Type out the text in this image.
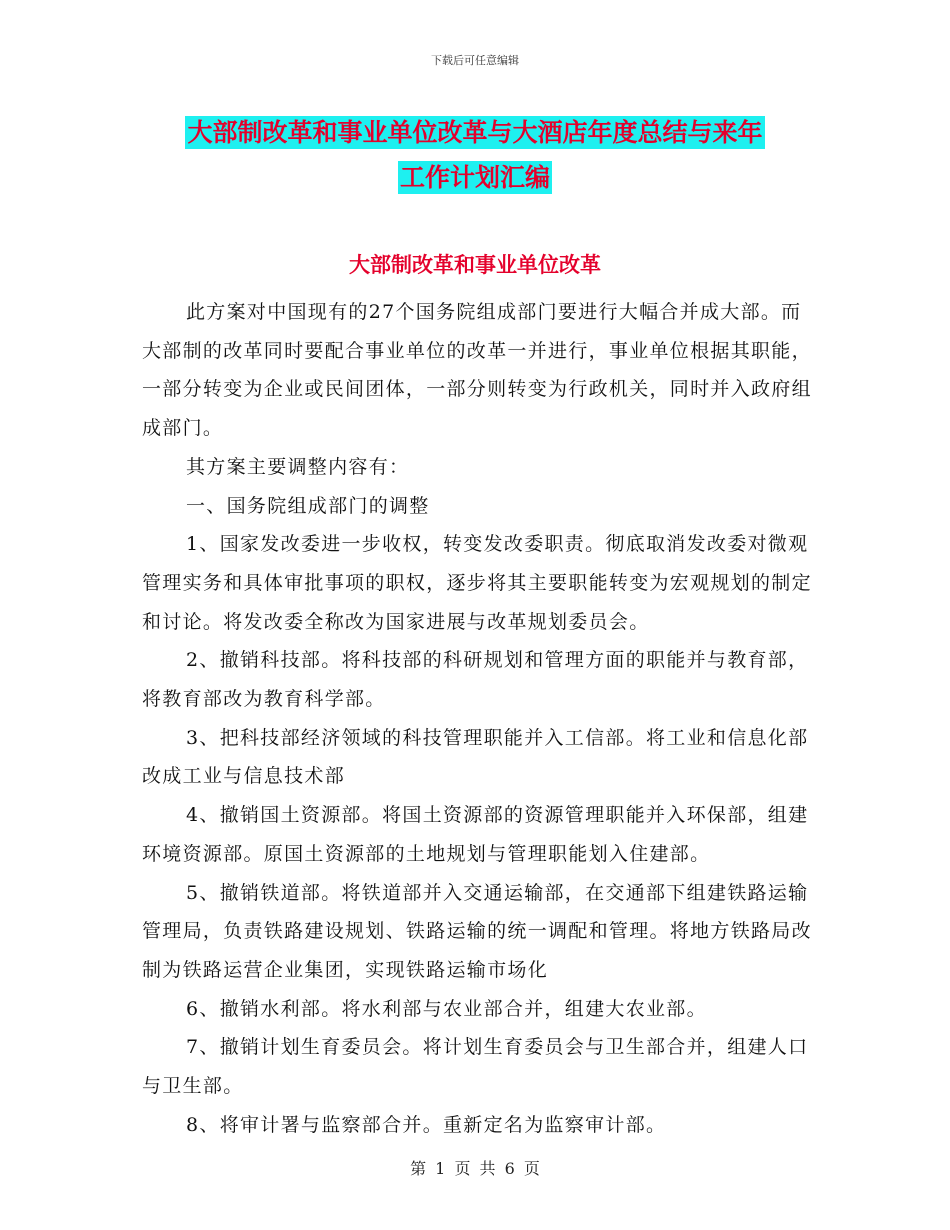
下载后可任意编辑
大部制改革和事业单位改革与大酒店年度总结与来年
工作计划汇编
大部制改革和事业单位改革

此方案对中国现有的27个国务院组成部门要进行大幅合并成大部。而大部制的改革同时要配合事业单位的改革一并进行，事业单位根据其职能，一部分转变为企业或民间团体，一部分则转变为行政机关，同时并入政府组成部门。

其方案主要调整内容有：

一、国务院组成部门的调整

1、国家发改委进一步收权，转变发改委职责。彻底取消发改委对微观管理实务和具体审批事项的职权，逐步将其主要职能转变为宏观规划的制定和讨论。将发改委全称改为国家进展与改革规划委员会。

2、撤销科技部。将科技部的科研规划和管理方面的职能并与教育部，将教育部改为教育科学部。

3、把科技部经济领域的科技管理职能并入工信部。将工业和信息化部改成工业与信息技术部

4、撤销国土资源部。将国土资源部的资源管理职能并入环保部，组建环境资源部。原国土资源部的土地规划与管理职能划入住建部。

5、撤销铁道部。将铁道部并入交通运输部，在交通部下组建铁路运输管理局，负责铁路建设规划、铁路运输的统一调配和管理。将地方铁路局改制为铁路运营企业集团，实现铁路运输市场化

6、撤销水利部。将水利部与农业部合并，组建大农业部。

7、撤销计划生育委员会。将计划生育委员会与卫生部合并，组建人口与卫生部。

8、将审计署与监察部合并。重新定名为监察审计部。

第 1 页 共 6 页
